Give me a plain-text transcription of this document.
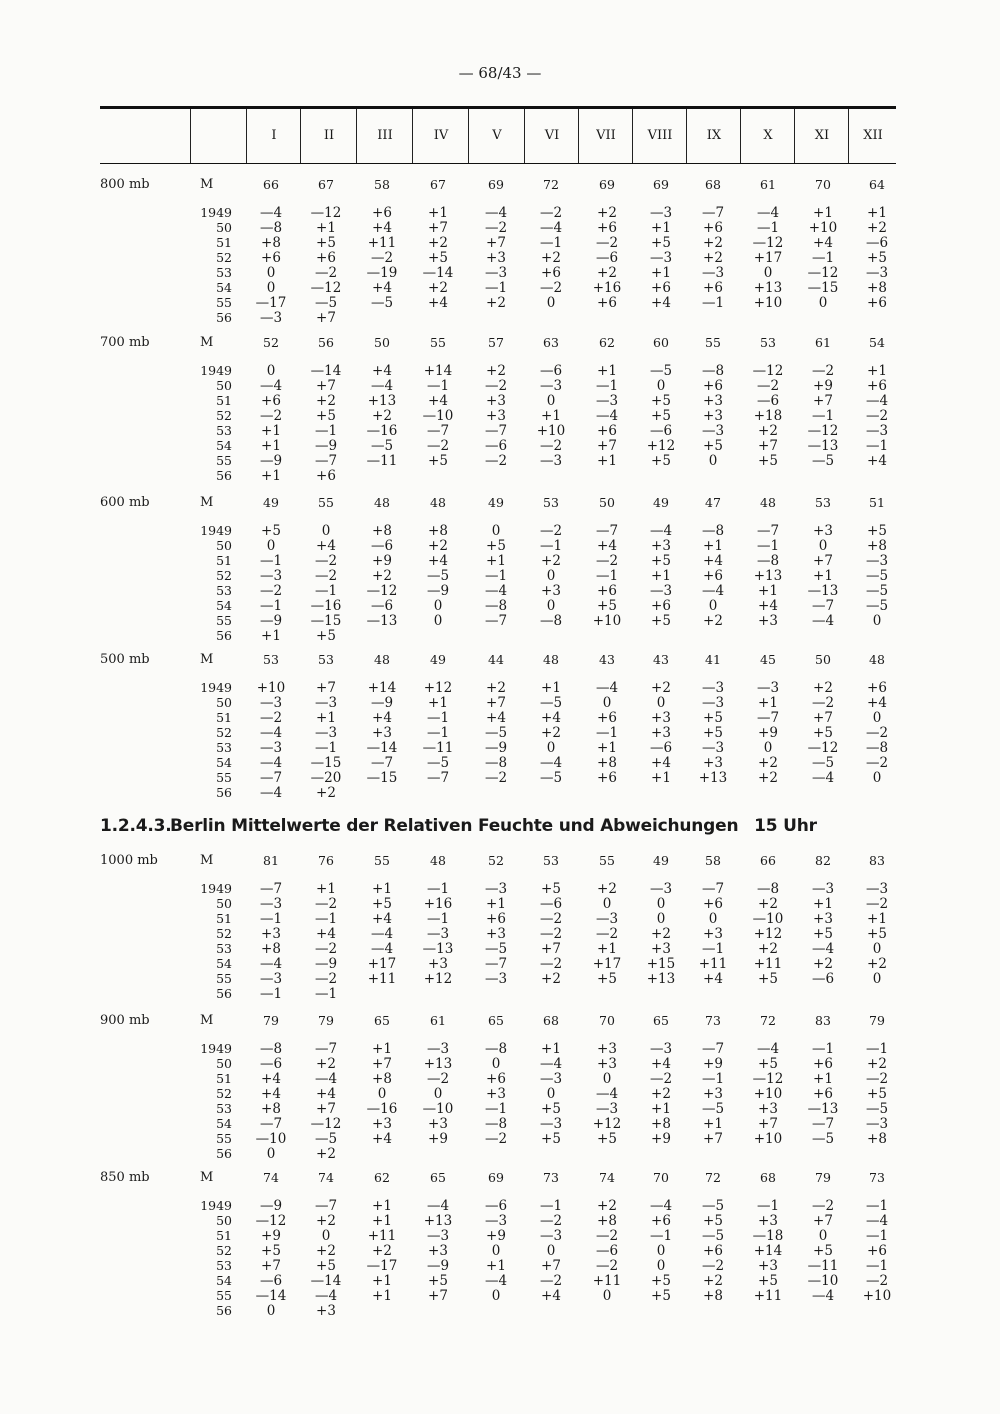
— 68/43 —
I	II	III	IV	V	VI	VII	VIII	IX	X	XI	XII
800 mb	M	66	67	58	67	69	72	69	69	68	61	70	64
1949	—4	—12	+6	+1	—4	—2	+2	—3	—7	—4	+1	+1
50	—8	+1	+4	+7	—2	—4	+6	+1	+6	—1	+10	+2
51	+8	+5	+11	+2	+7	—1	—2	+5	+2	—12	+4	—6
52	+6	+6	—2	+5	+3	+2	—6	—3	+2	+17	—1	+5
53	0	—2	—19	—14	—3	+6	+2	+1	—3	0	—12	—3
54	0	—12	+4	+2	—1	—2	+16	+6	+6	+13	—15	+8
55	—17	—5	—5	+4	+2	0	+6	+4	—1	+10	0	+6
56	—3	+7
700 mb	M	52	56	50	55	57	63	62	60	55	53	61	54
1949	0	—14	+4	+14	+2	—6	+1	—5	—8	—12	—2	+1
50	—4	+7	—4	—1	—2	—3	—1	0	+6	—2	+9	+6
51	+6	+2	+13	+4	+3	0	—3	+5	+3	—6	+7	—4
52	—2	+5	+2	—10	+3	+1	—4	+5	+3	+18	—1	—2
53	+1	—1	—16	—7	—7	+10	+6	—6	—3	+2	—12	—3
54	+1	—9	—5	—2	—6	—2	+7	+12	+5	+7	—13	—1
55	—9	—7	—11	+5	—2	—3	+1	+5	0	+5	—5	+4
56	+1	+6
600 mb	M	49	55	48	48	49	53	50	49	47	48	53	51
1949	+5	0	+8	+8	0	—2	—7	—4	—8	—7	+3	+5
50	0	+4	—6	+2	+5	—1	+4	+3	+1	—1	0	+8
51	—1	—2	+9	+4	+1	+2	—2	+5	+4	—8	+7	—3
52	—3	—2	+2	—5	—1	0	—1	+1	+6	+13	+1	—5
53	—2	—1	—12	—9	—4	+3	+6	—3	—4	+1	—13	—5
54	—1	—16	—6	0	—8	0	+5	+6	0	+4	—7	—5
55	—9	—15	—13	0	—7	—8	+10	+5	+2	+3	—4	0
56	+1	+5
500 mb	M	53	53	48	49	44	48	43	43	41	45	50	48
1949	+10	+7	+14	+12	+2	+1	—4	+2	—3	—3	+2	+6
50	—3	—3	—9	+1	+7	—5	0	0	—3	+1	—2	+4
51	—2	+1	+4	—1	+4	+4	+6	+3	+5	—7	+7	0
52	—4	—3	+3	—1	—5	+2	—1	+3	+5	+9	+5	—2
53	—3	—1	—14	—11	—9	0	+1	—6	—3	0	—12	—8
54	—4	—15	—7	—5	—8	—4	+8	+4	+3	+2	—5	—2
55	—7	—20	—15	—7	—2	—5	+6	+1	+13	+2	—4	0
56	—4	+2
1000 mb	M	81	76	55	48	52	53	55	49	58	66	82	83
1949	—7	+1	+1	—1	—3	+5	+2	—3	—7	—8	—3	—3
50	—3	—2	+5	+16	+1	—6	0	0	+6	+2	+1	—2
51	—1	—1	+4	—1	+6	—2	—3	0	0	—10	+3	+1
52	+3	+4	—4	—3	+3	—2	—2	+2	+3	+12	+5	+5
53	+8	—2	—4	—13	—5	+7	+1	+3	—1	+2	—4	0
54	—4	—9	+17	+3	—7	—2	+17	+15	+11	+11	+2	+2
55	—3	—2	+11	+12	—3	+2	+5	+13	+4	+5	—6	0
56	—1	—1
900 mb	M	79	79	65	61	65	68	70	65	73	72	83	79
1949	—8	—7	+1	—3	—8	+1	+3	—3	—7	—4	—1	—1
50	—6	+2	+7	+13	0	—4	+3	+4	+9	+5	+6	+2
51	+4	—4	+8	—2	+6	—3	0	—2	—1	—12	+1	—2
52	+4	+4	0	0	+3	0	—4	+2	+3	+10	+6	+5
53	+8	+7	—16	—10	—1	+5	—3	+1	—5	+3	—13	—5
54	—7	—12	+3	+3	—8	—3	+12	+8	+1	+7	—7	—3
55	—10	—5	+4	+9	—2	+5	+5	+9	+7	+10	—5	+8
56	0	+2
850 mb	M	74	74	62	65	69	73	74	70	72	68	79	73
1949	—9	—7	+1	—4	—6	—1	+2	—4	—5	—1	—2	—1
50	—12	+2	+1	+13	—3	—2	+8	+6	+5	+3	+7	—4
51	+9	0	+11	—3	+9	—3	—2	—1	—5	—18	0	—1
52	+5	+2	+2	+3	0	0	—6	0	+6	+14	+5	+6
53	+7	+5	—17	—9	+1	+7	—2	0	—2	+3	—11	—1
54	—6	—14	+1	+5	—4	—2	+11	+5	+2	+5	—10	—2
55	—14	—4	+1	+7	0	+4	0	+5	+8	+11	—4	+10
56	0	+3
1.2.4.3.Berlin Mittelwerte der Relativen Feuchte und Abweichungen 15 Uhr
